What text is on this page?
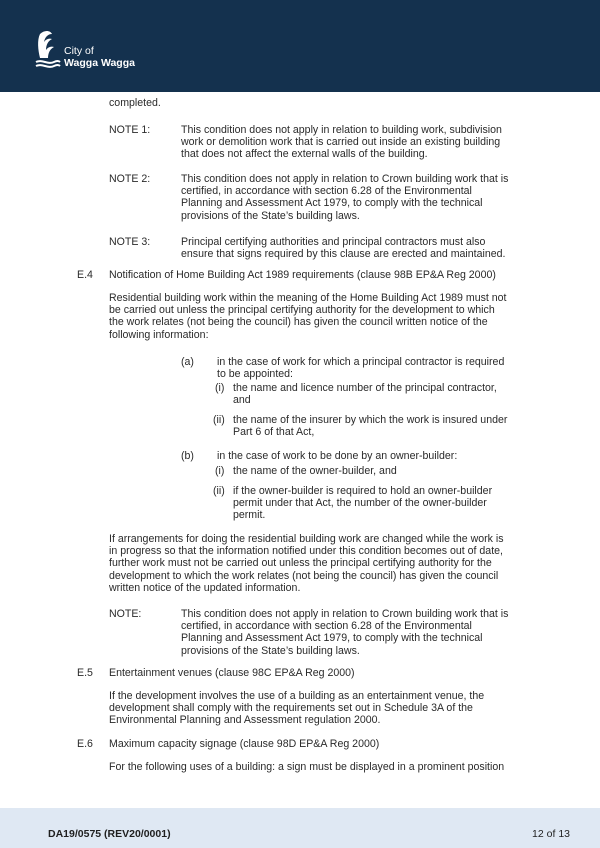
City of
Wagga Wagga
completed.
NOTE 1:	This condition does not apply in relation to building work, subdivision
work or demolition work that is carried out inside an existing building
that does not affect the external walls of the building.
NOTE 2:	This condition does not apply in relation to Crown building work that is
certified, in accordance with section 6.28 of the Environmental
Planning and Assessment Act 1979, to comply with the technical
provisions of the State’s building laws.
NOTE 3:	Principal certifying authorities and principal contractors must also
ensure that signs required by this clause are erected and maintained.
E.4 Notification of Home Building Act 1989 requirements (clause 98B EP&A Reg 2000)
Residential building work within the meaning of the Home Building Act 1989 must not
be carried out unless the principal certifying authority for the development to which
the work relates (not being the council) has given the council written notice of the
following information:
(a) in the case of work for which a principal contractor is required
to be appointed:
(i) the name and licence number of the principal contractor,
and
(ii) the name of the insurer by which the work is insured under
Part 6 of that Act,
(b) in the case of work to be done by an owner-builder:
(i) the name of the owner-builder, and
(ii) if the owner-builder is required to hold an owner-builder
permit under that Act, the number of the owner-builder
permit.
If arrangements for doing the residential building work are changed while the work is
in progress so that the information notified under this condition becomes out of date,
further work must not be carried out unless the principal certifying authority for the
development to which the work relates (not being the council) has given the council
written notice of the updated information.
NOTE:	This condition does not apply in relation to Crown building work that is
certified, in accordance with section 6.28 of the Environmental
Planning and Assessment Act 1979, to comply with the technical
provisions of the State’s building laws.
E.5 Entertainment venues (clause 98C EP&A Reg 2000)
If the development involves the use of a building as an entertainment venue, the
development shall comply with the requirements set out in Schedule 3A of the
Environmental Planning and Assessment regulation 2000.
E.6 Maximum capacity signage (clause 98D EP&A Reg 2000)
For the following uses of a building: a sign must be displayed in a prominent position
DA19/0575 (REV20/0001)	12 of 13
